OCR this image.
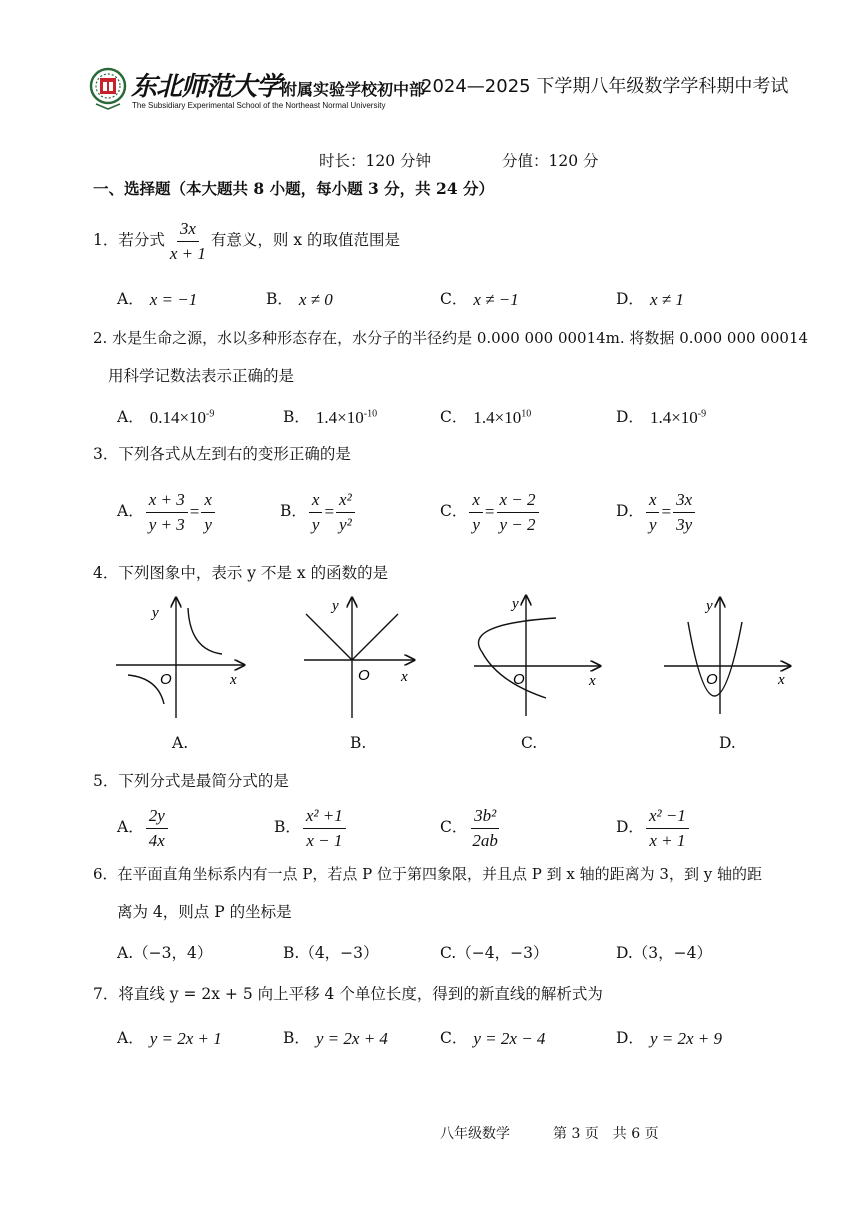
东北师范大学附属实验学校初中部
The Subsidiary Experimental School of the Northeast Normal University
2024—2025 下学期八年级数学学科期中考试
时长：120 分钟	分值：120 分
一、选择题（本大题共 8 小题，每小题 3 分，共 24 分）
1． 若分式 $\frac{3x}{x + 1}$ 有意义，则 x 的取值范围是
A． x = −1	B． x ≠ 0	C． x ≠ −1	D． x ≠ 1
2. 水是生命之源，水以多种形态存在，水分子的半径约是 0.000 000 00014m. 将数据 0.000 000 00014
用科学记数法表示正确的是
A． $0.14\times 10^{-9}$	B． $1.4\times 10^{-10}$	C． $1.4\times 10^{10}$	D． $1.4\times 10^{-9}$
3．下列各式从左到右的变形正确的是
A． $\frac{x + 3}{y + 3} = \frac{x}{y}$	B． $\frac{x}{y} = \frac{\text{x²}}{\text{y²}}$	C． $\frac{x}{y} = \frac{x - 2}{y - 2}$	D． $\frac{x}{y} = \frac{3x}{3y}$
4．下列图象中，表示 y 不是 x 的函数的是
y
x
O
y
x
O
y
x
O
y
x
O
A.	B.	C.	D.
5．下列分式是最简分式的是
A． $\frac{2y}{4x}$	B． $\frac{\text{x² +1}}{x - 1}$	C． $\frac{\text{3b²}}{2ab}$	D． $\frac{\text{x² −1}}{x + 1}$
6．在平面直角坐标系内有一点 P，若点 P 位于第四象限，并且点 P 到 x 轴的距离为 3，到 y 轴的距
离为 4，则点 P 的坐标是
A.（−3，4）	B.（4，−3）	C.（−4，−3）	D.（3，−4）
7．将直线 y = 2x + 5 向上平移 4 个单位长度，得到的新直线的解析式为
A． y = 2x + 1	B． y = 2x + 4	C． y = 2x − 4	D． y = 2x + 9
八年级数学	第 3 页　共 6 页
